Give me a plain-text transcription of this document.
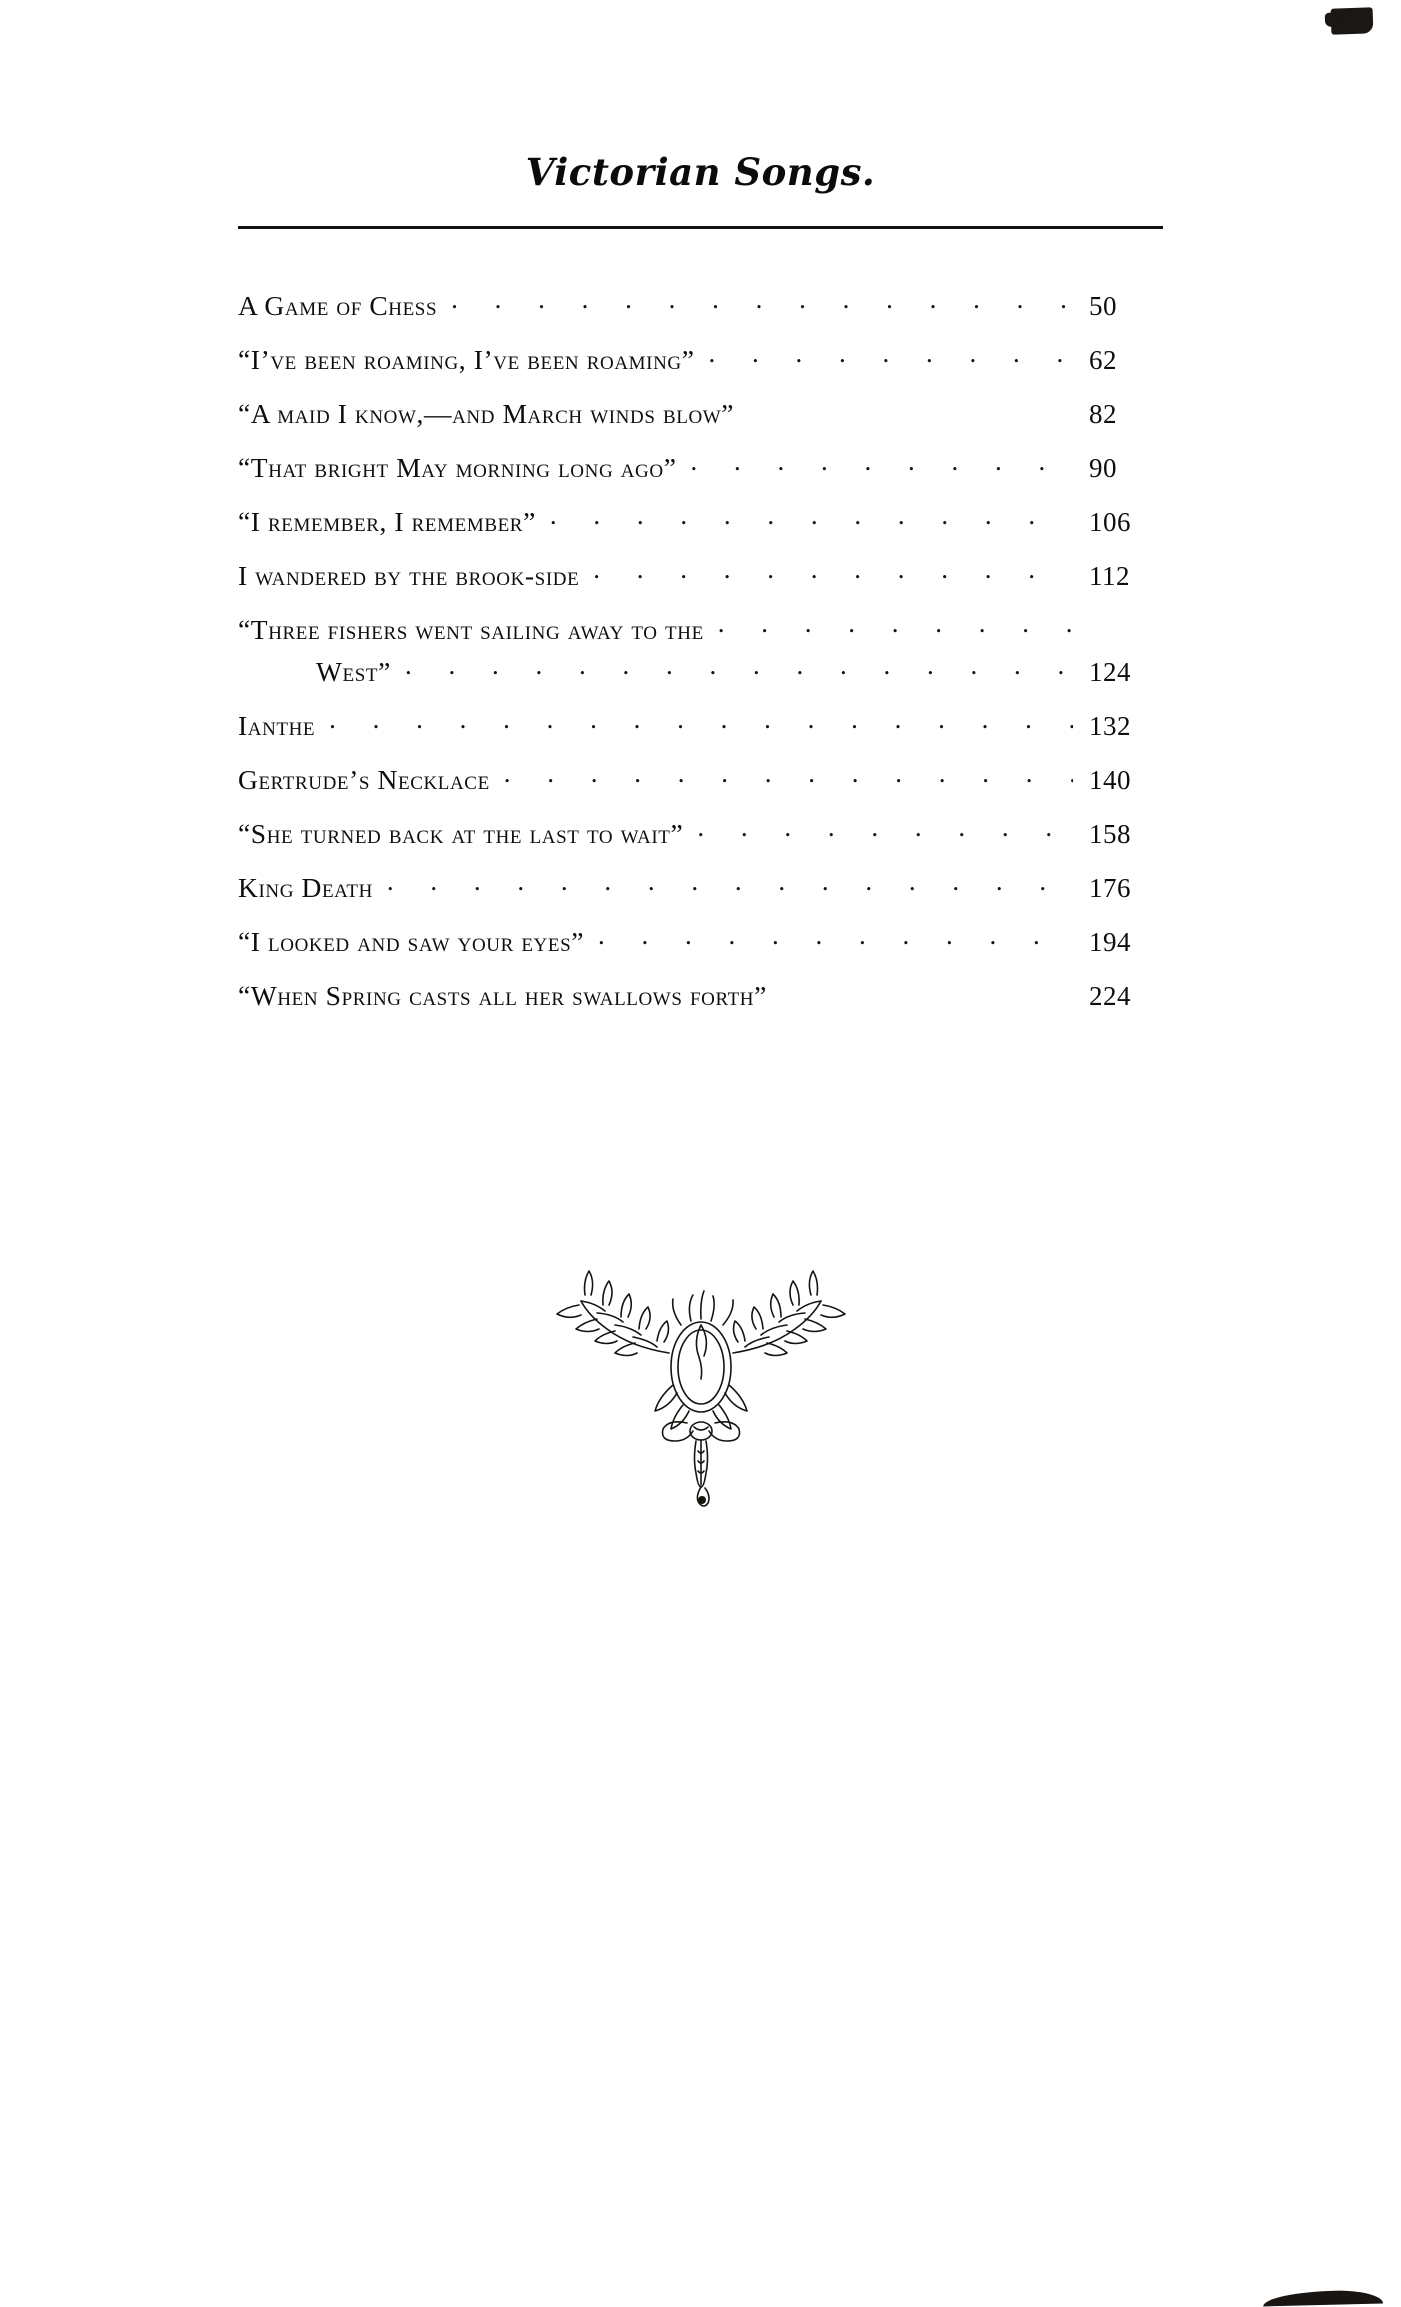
Victorian Songs.
A Game of Chess . . .	50
“I’ve been roaming, I’ve been roaming” . . .	62
“A maid I know,—and March winds blow”	82
“That bright May morning long ago” . . .	90
“I remember, I remember” . . .	106
I wandered by the brook-side . . .	112
“Three fishers went sailing away to the
. . .
West” . . .	124
Ianthe . . .	132
Gertrude’s Necklace . . .	140
“She turned back at the last to wait” . . .	158
King Death . . .	176
“I looked and saw your eyes” . . .	194
“When Spring casts all her swallows forth”	224
